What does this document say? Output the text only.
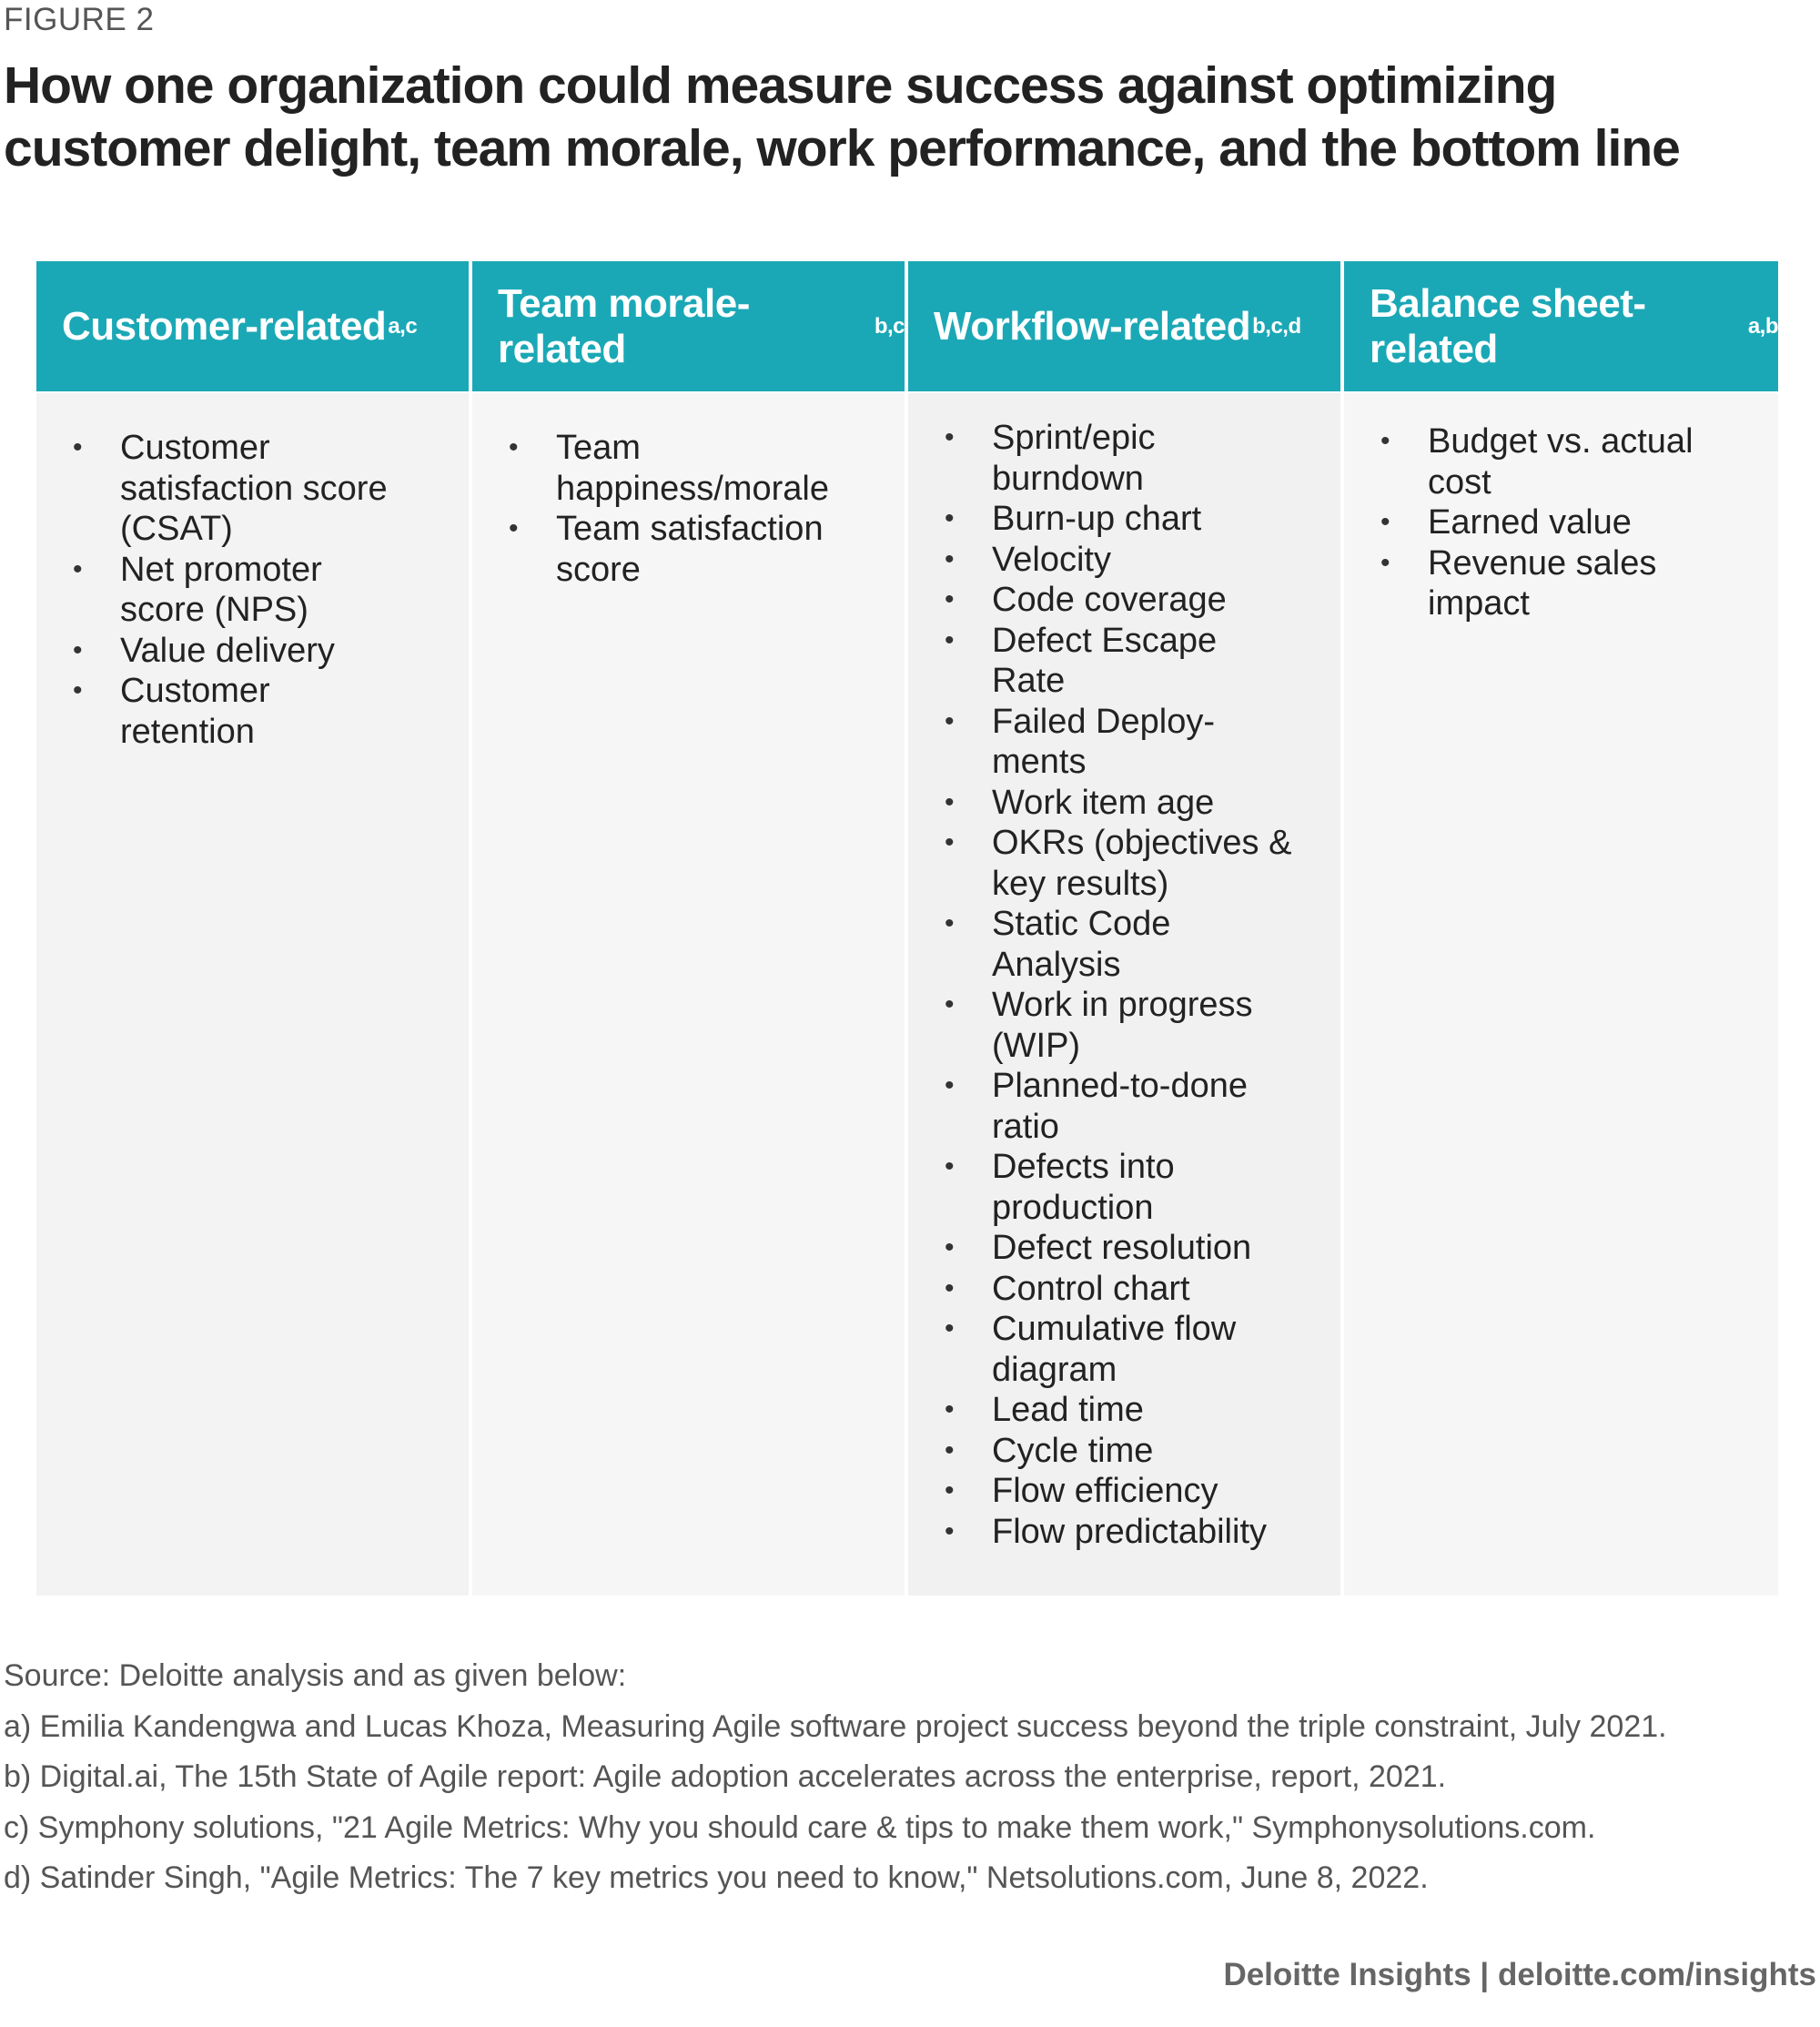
FIGURE 2
How one organization could measure success against optimizing customer delight, team morale, work performance, and the bottom line
Customer-related a,c
• Customer satisfaction score (CSAT)
• Net promoter score (NPS)
• Value delivery
• Customer retention
Team morale-related
b,c
• Team happiness/morale
• Team satisfaction score
Workflow-related b,c,d
• Sprint/epic burndown
• Burn-up chart
• Velocity
• Code coverage
• Defect Escape Rate
• Failed Deploy-ments
• Work item age
• OKRs (objectives & key results)
• Static Code Analysis
• Work in progress (WIP)
• Planned-to-done ratio
• Defects into production
• Defect resolution
• Control chart
• Cumulative flow diagram
• Lead time
• Cycle time
• Flow efficiency
• Flow predictability
Balance sheet-related
a,b
• Budget vs. actual cost
• Earned value
• Revenue sales impact
Source: Deloitte analysis and as given below:
a) Emilia Kandengwa and Lucas Khoza, Measuring Agile software project success beyond the triple constraint, July 2021.
b) Digital.ai, The 15th State of Agile report: Agile adoption accelerates across the enterprise, report, 2021.
c) Symphony solutions, "21 Agile Metrics: Why you should care & tips to make them work," Symphonysolutions.com.
d) Satinder Singh, "Agile Metrics: The 7 key metrics you need to know," Netsolutions.com, June 8, 2022.
Deloitte Insights | deloitte.com/insights
